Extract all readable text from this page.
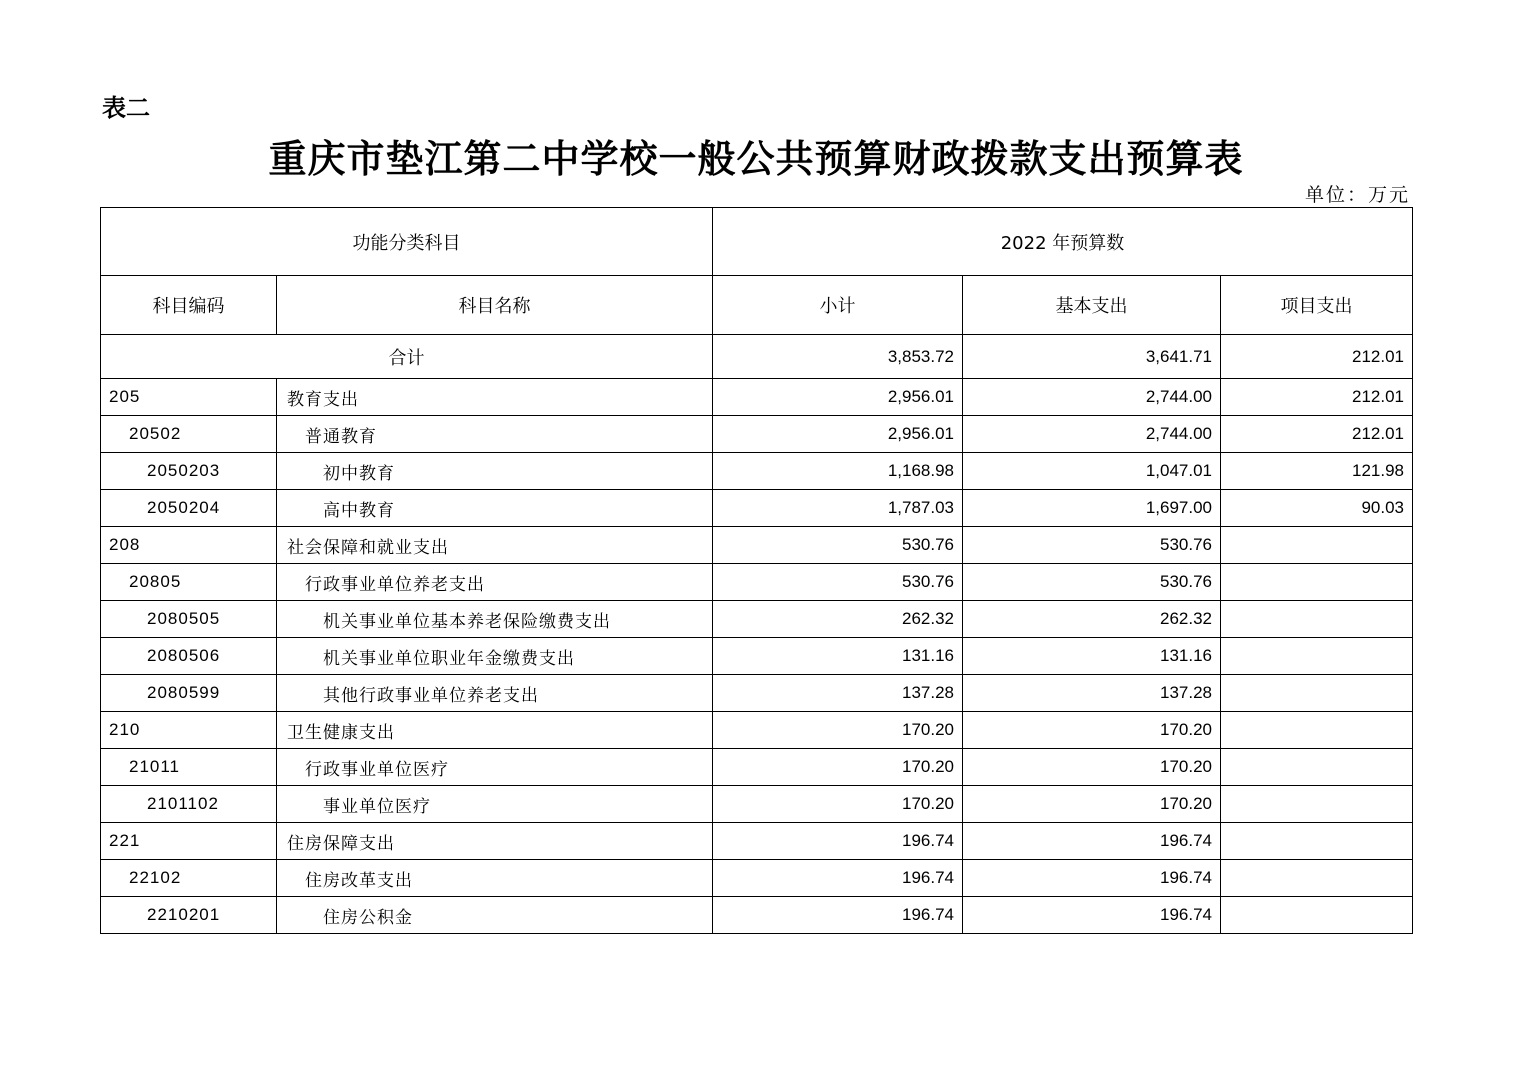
表二
重庆市垫江第二中学校一般公共预算财政拨款支出预算表
单位：万元
功能分类科目		2022 年预算数		
科目编码	科目名称	小计	基本支出	项目支出
合计		3,853.72	3,641.71	212.01
205	教育支出	2,956.01	2,744.00	212.01
20502	普通教育	2,956.01	2,744.00	212.01
2050203	初中教育	1,168.98	1,047.01	121.98
2050204	高中教育	1,787.03	1,697.00	90.03
208	社会保障和就业支出	530.76	530.76	
20805	行政事业单位养老支出	530.76	530.76	
2080505	机关事业单位基本养老保险缴费支出	262.32	262.32	
2080506	机关事业单位职业年金缴费支出	131.16	131.16	
2080599	其他行政事业单位养老支出	137.28	137.28	
210	卫生健康支出	170.20	170.20	
21011	行政事业单位医疗	170.20	170.20	
2101102	事业单位医疗	170.20	170.20	
221	住房保障支出	196.74	196.74	
22102	住房改革支出	196.74	196.74	
2210201	住房公积金	196.74	196.74	
